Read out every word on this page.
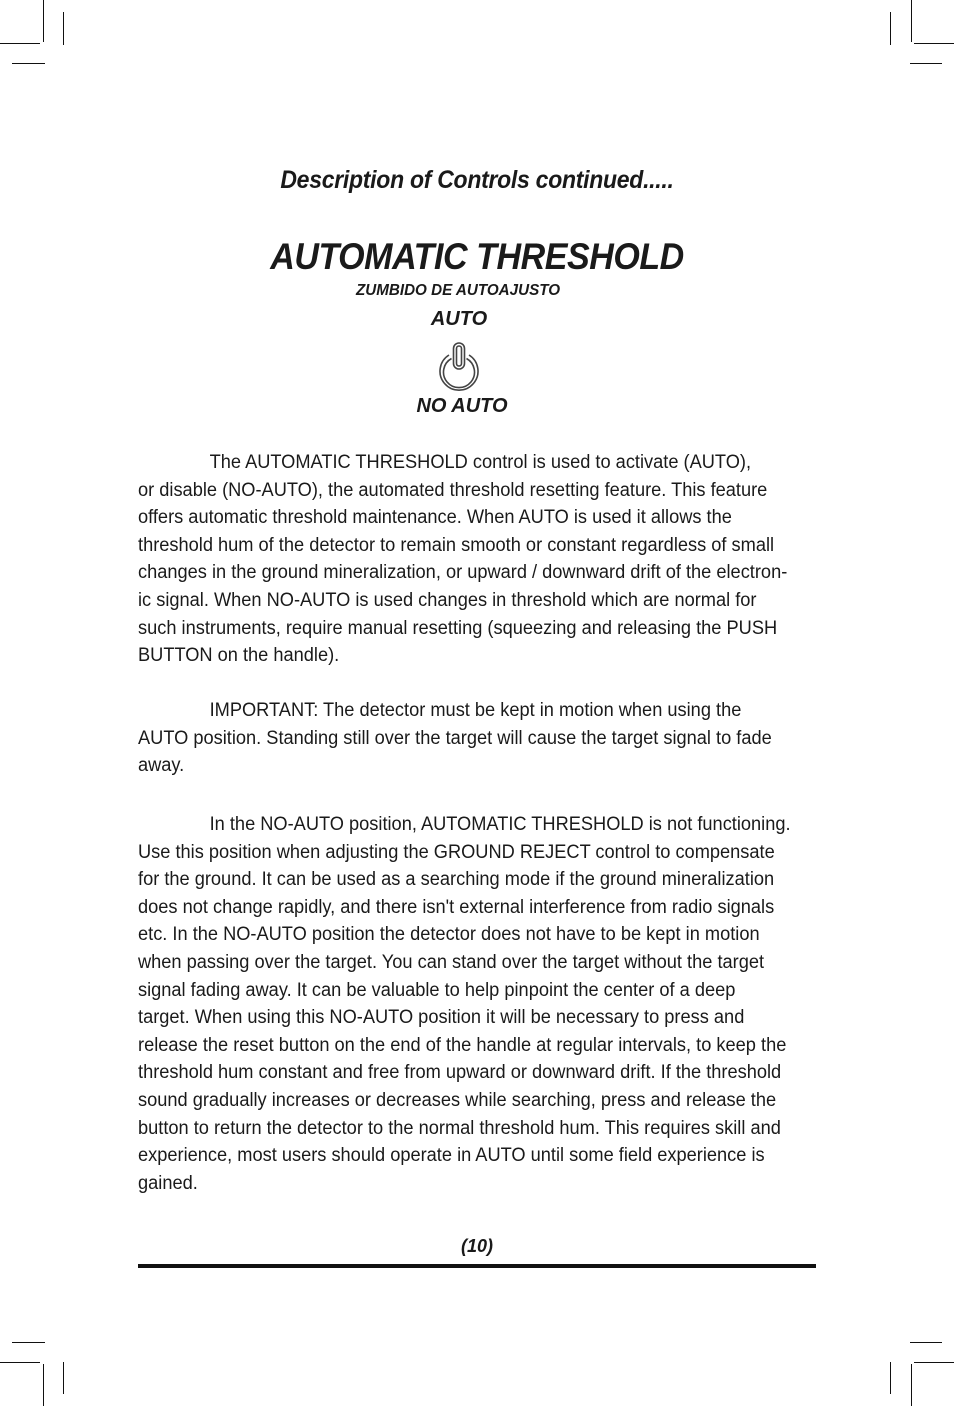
Description of Controls continued.....
AUTOMATIC THRESHOLD
ZUMBIDO DE AUTOAJUSTO
AUTO
NO AUTO
The AUTOMATIC THRESHOLD control is used to activate (AUTO),
or disable (NO-AUTO), the automated threshold resetting feature. This feature
offers automatic threshold maintenance. When AUTO is used it allows the
threshold hum of the detector to remain smooth or constant regardless of small
changes in the ground mineralization, or upward / downward drift of the electron-
ic signal. When NO-AUTO is used changes in threshold which are normal for
such instruments, require manual resetting (squeezing and releasing the PUSH
BUTTON on the handle).
IMPORTANT: The detector must be kept in motion when using the
AUTO position. Standing still over the target will cause the target signal to fade
away.
In the NO-AUTO position, AUTOMATIC THRESHOLD is not functioning.
Use this position when adjusting the GROUND REJECT control to compensate
for the ground. It can be used as a searching mode if the ground mineralization
does not change rapidly, and there isn't external interference from radio signals
etc. In the NO-AUTO position the detector does not have to be kept in motion
when passing over the target. You can stand over the target without the target
signal fading away. It can be valuable to help pinpoint the center of a deep
target. When using this NO-AUTO position it will be necessary to press and
release the reset button on the end of the handle at regular intervals, to keep the
threshold hum constant and free from upward or downward drift. If the threshold
sound gradually increases or decreases while searching, press and release the
button to return the detector to the normal threshold hum. This requires skill and
experience, most users should operate in AUTO until some field experience is
gained.
(10)
